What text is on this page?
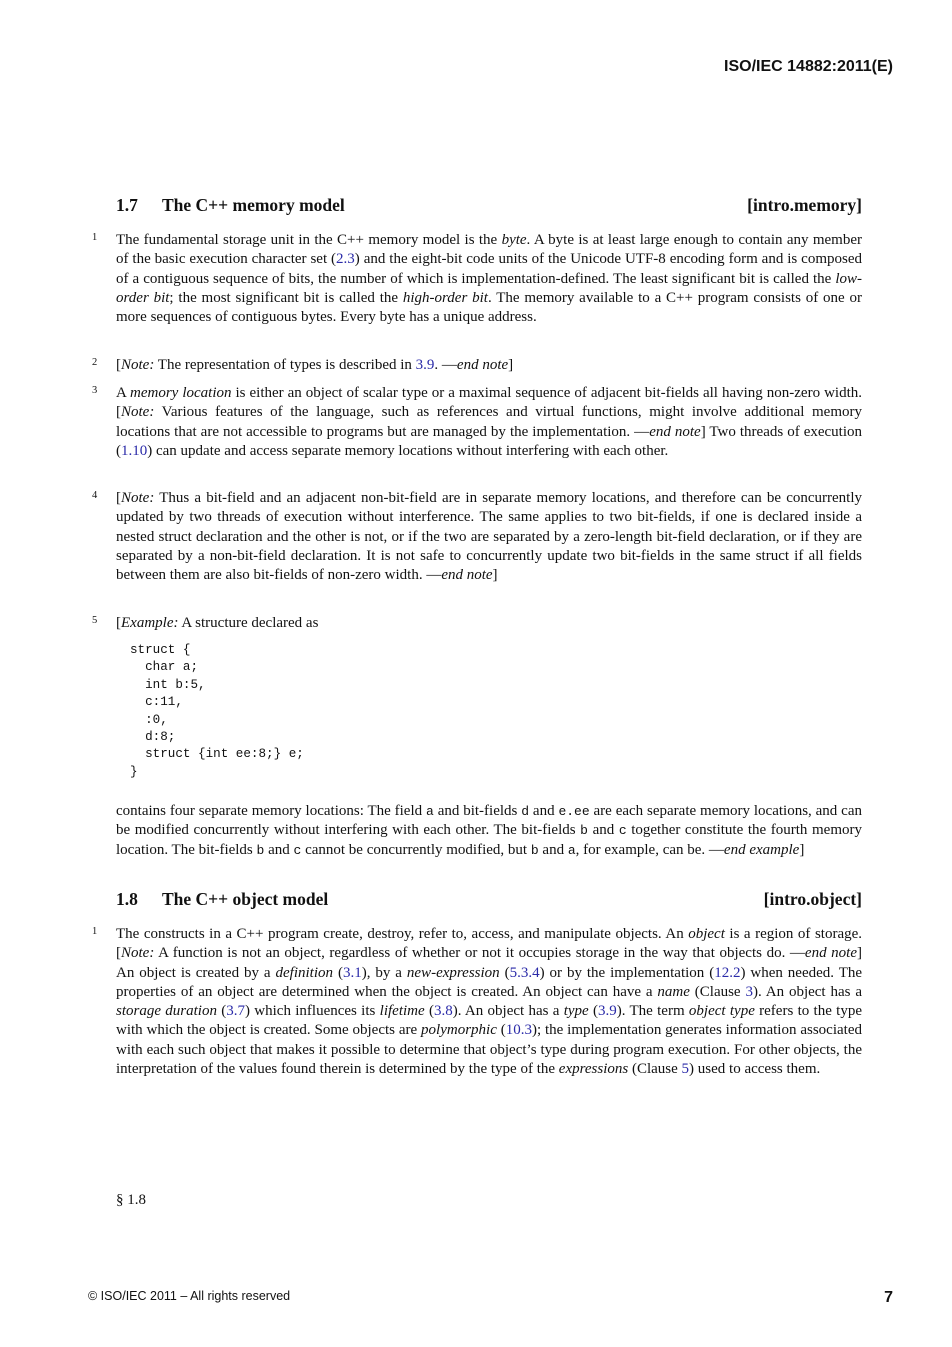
ISO/IEC 14882:2011(E)
1.7 The C++ memory model	[intro.memory]
1 The fundamental storage unit in the C++ memory model is the byte. A byte is at least large enough to contain any member of the basic execution character set (2.3) and the eight-bit code units of the Unicode UTF-8 encoding form and is composed of a contiguous sequence of bits, the number of which is implementation-defined. The least significant bit is called the low-order bit; the most significant bit is called the high-order bit. The memory available to a C++ program consists of one or more sequences of contiguous bytes. Every byte has a unique address.

2 [Note: The representation of types is described in 3.9. —end note]

3 A memory location is either an object of scalar type or a maximal sequence of adjacent bit-fields all having non-zero width. [Note: Various features of the language, such as references and virtual functions, might involve additional memory locations that are not accessible to programs but are managed by the implementation. —end note] Two threads of execution (1.10) can update and access separate memory locations without interfering with each other.

4 [Note: Thus a bit-field and an adjacent non-bit-field are in separate memory locations, and therefore can be concurrently updated by two threads of execution without interference. The same applies to two bit-fields, if one is declared inside a nested struct declaration and the other is not, or if the two are separated by a zero-length bit-field declaration, or if they are separated by a non-bit-field declaration. It is not safe to concurrently update two bit-fields in the same struct if all fields between them are also bit-fields of non-zero width. —end note]

5 [Example: A structure declared as

struct {
char a;
int b:5,
c:11,
:0,
d:8;
struct {int ee:8;} e;
}

contains four separate memory locations: The field a and bit-fields d and e.ee are each separate memory locations, and can be modified concurrently without interfering with each other. The bit-fields b and c together constitute the fourth memory location. The bit-fields b and c cannot be concurrently modified, but b and a, for example, can be. —end example]

1.8 The C++ object model	[intro.object]
1 The constructs in a C++ program create, destroy, refer to, access, and manipulate objects. An object is a region of storage. [Note: A function is not an object, regardless of whether or not it occupies storage in the way that objects do. —end note] An object is created by a definition (3.1), by a new-expression (5.3.4) or by the implementation (12.2) when needed. The properties of an object are determined when the object is created. An object can have a name (Clause 3). An object has a storage duration (3.7) which influences its lifetime (3.8). An object has a type (3.9). The term object type refers to the type with which the object is created. Some objects are polymorphic (10.3); the implementation generates information associated with each such object that makes it possible to determine that object’s type during program execution. For other objects, the interpretation of the values found therein is determined by the type of the expressions (Clause 5) used to access them.

§ 1.8
© ISO/IEC 2011 – All rights reserved	7
